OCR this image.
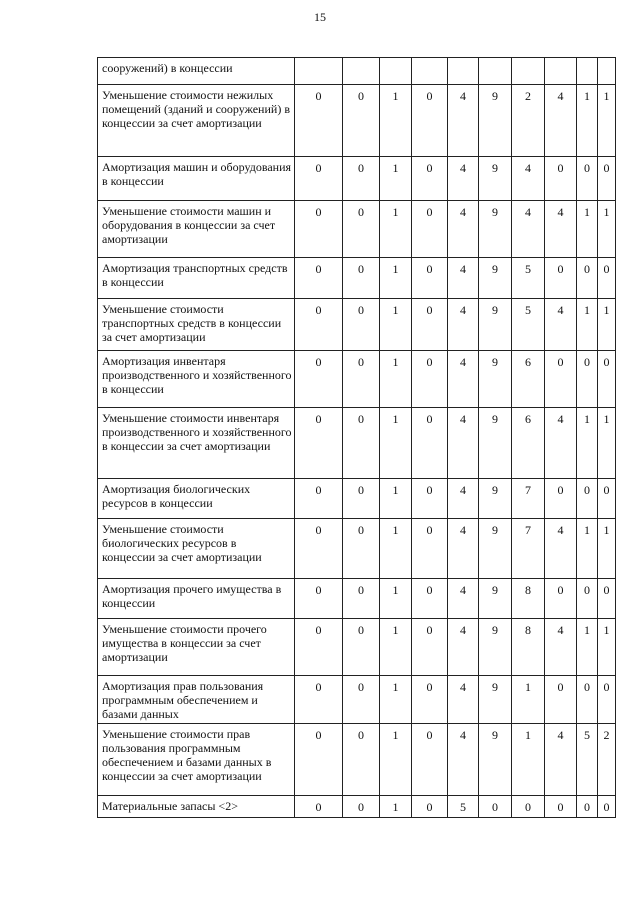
15
сооружений) в концессии										
Уменьшение стоимости нежилых помещений (зданий и сооружений) в концессии за счет амортизации	0	0	1	0	4	9	2	4	1	1
Амортизация машин и оборудования в концессии	0	0	1	0	4	9	4	0	0	0
Уменьшение стоимости машин и оборудования в концессии за счет амортизации	0	0	1	0	4	9	4	4	1	1
Амортизация транспортных средств в концессии	0	0	1	0	4	9	5	0	0	0
Уменьшение стоимости транспортных средств в концессии за счет амортизации	0	0	1	0	4	9	5	4	1	1
Амортизация инвентаря производственного и хозяйственного в концессии	0	0	1	0	4	9	6	0	0	0
Уменьшение стоимости инвентаря производственного и хозяйственного в концессии за счет амортизации	0	0	1	0	4	9	6	4	1	1
Амортизация биологических ресурсов в концессии	0	0	1	0	4	9	7	0	0	0
Уменьшение стоимости биологических ресурсов в концессии за счет амортизации	0	0	1	0	4	9	7	4	1	1
Амортизация прочего имущества в концессии	0	0	1	0	4	9	8	0	0	0
Уменьшение стоимости прочего имущества в концессии за счет амортизации	0	0	1	0	4	9	8	4	1	1
Амортизация прав пользования программным обеспечением и базами данных	0	0	1	0	4	9	1	0	0	0
Уменьшение стоимости прав пользования программным обеспечением и базами данных в концессии за счет амортизации	0	0	1	0	4	9	1	4	5	2
Материальные запасы <2>	0	0	1	0	5	0	0	0	0	0
